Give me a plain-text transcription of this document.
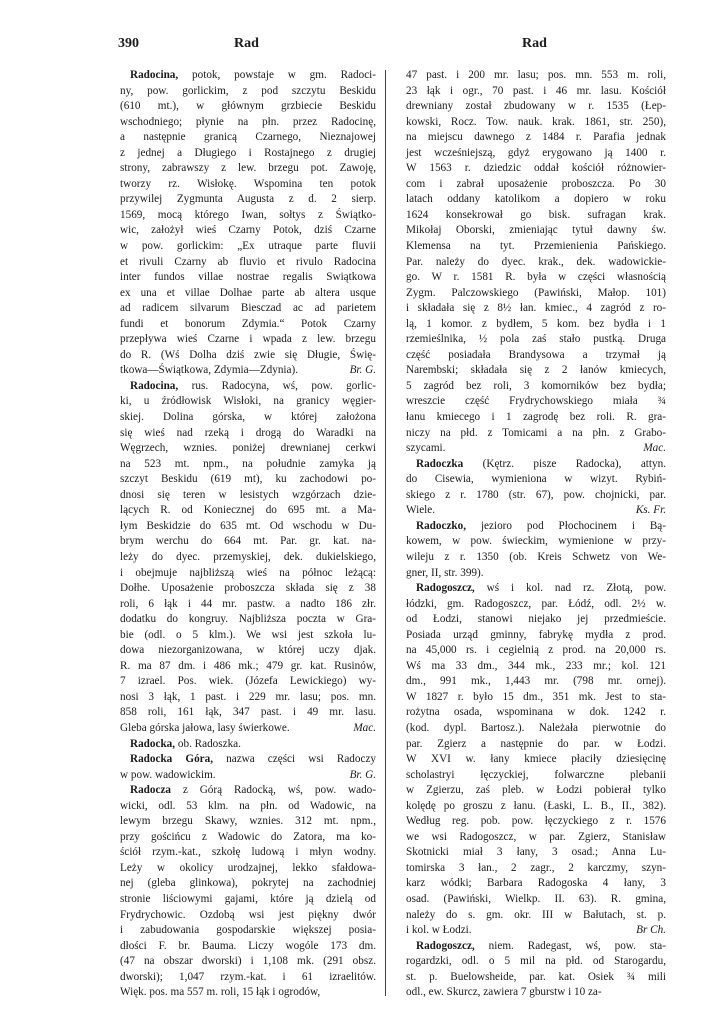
390	Rad	Rad
Radocina, potok, powstaje w gm. Radoci-
ny, pow. gorlickim, z pod szczytu Beskidu
(610 mt.), w głównym grzbiecie Beskidu
wschodniego; płynie na płn. przez Radocinę,
a następnie granicą Czarnego, Nieznajowej
z jednej a Długiego i Rostajnego z drugiej
strony, zabrawszy z lew. brzegu pot. Zawoję,
tworzy rz. Wisłokę. Wspomina ten potok
przywilej Zygmunta Augusta z d. 2 sierp.
1569, mocą którego Iwan, sołtys z Świątko-
wic, założył wieś Czarny Potok, dziś Czarne
w pow. gorlickim: „Ex utraque parte fluvii
et rivuli Czarny ab fluvio et rivulo Radocina
inter fundos villae nostrae regalis Swiątkowa
ex una et villae Dolhae parte ab altera usque
ad radicem silvarum Biesczad ac ad parietem
fundi et bonorum Zdymia.“ Potok Czarny
przepływa wieś Czarne i wpada z lew. brzegu
do R. (Wś Dolha dziś zwie się Długie, Świę-
tkowa—Świątkowa, Zdymia—Zdynia).	Br. G.
Radocina, rus. Radocyna, wś, pow. gorlic-
ki, u źródłowisk Wisłoki, na granicy węgier-
skiej. Dolina górska, w której założona
się wieś nad rzeką i drogą do Waradki na
Węgrzech, wznies. poniżej drewnianej cerkwi
na 523 mt. npm., na południe zamyka ją
szczyt Beskidu (619 mt), ku zachodowi po-
dnosi się teren w lesistych wzgórzach dzie-
lących R. od Koniecznej do 695 mt. a Ma-
łym Beskidzie do 635 mt. Od wschodu w Du-
brym werchu do 664 mt. Par. gr. kat. na-
leży do dyec. przemyskiej, dek. dukielskiego,
i obejmuje najbliższą wieś na północ leżącą:
Dołhe. Uposażenie proboszcza składa się z 38
roli, 6 łąk i 44 mr. pastw. a nadto 186 złr.
dodatku do kongruy. Najbliższa poczta w Gra-
bie (odl. o 5 klm.). We wsi jest szkoła lu-
dowa niezorganizowana, w której uczy djak.
R. ma 87 dm. i 486 mk.; 479 gr. kat. Rusinów,
7 izrael. Pos. wiek. (Józefa Lewickiego) wy-
nosi 3 łąk, 1 past. i 229 mr. lasu; pos. mn.
858 roli, 161 łąk, 347 past. i 49 mr. lasu.
Gleba górska jałowa, lasy świerkowe.	Mac.
Radocka, ob. Radoszka.
Radocka Góra, nazwa części wsi Radoczy
w pow. wadowickim.	Br. G.
Radocza z Górą Radocką, wś, pow. wado-
wicki, odl. 53 klm. na płn. od Wadowic, na
lewym brzegu Skawy, wznies. 312 mt. npm.,
przy gościńcu z Wadowic do Zatora, ma ko-
ściół rzym.-kat., szkołę ludową i młyn wodny.
Leży w okolicy urodzajnej, lekko sfałdowa-
nej (gleba glinkowa), pokrytej na zachodniej
stronie liściowymi gajami, które ją dzielą od
Frydrychowic. Ozdobą wsi jest piękny dwór
i zabudowania gospodarskie większej posia-
dłości F. br. Bauma. Liczy wogóle 173 dm.
(47 na obszar dworski) i 1,108 mk. (291 obsz.
dworski); 1,047 rzym.-kat. i 61 izraelitów.
Więk. pos. ma 557 m. roli, 15 łąk i ogrodów,
47 past. i 200 mr. lasu; pos. mn. 553 m. roli,
23 łąk i ogr., 70 past. i 46 mr. lasu. Kościół
drewniany został zbudowany w r. 1535 (Łep-
kowski, Rocz. Tow. nauk. krak. 1861, str. 250),
na miejscu dawnego z 1484 r. Parafia jednak
jest wcześniejszą, gdyż erygowano ją 1400 r.
W 1563 r. dziedzic oddał kościół różnowier-
com i zabrał uposażenie proboszcza. Po 30
latach oddany katolikom a dopiero w roku
1624 konsekrował go bisk. sufragan krak.
Mikołaj Oborski, zmieniając tytuł dawny św.
Klemensa na tyt. Przemienienia Pańskiego.
Par. należy do dyec. krak., dek. wadowickie-
go. W r. 1581 R. była w części własnością
Zygm. Palczowskiego (Pawiński, Małop. 101)
i składała się z 8½ łan. kmiec., 4 zagród z ro-
lą, 1 komor. z bydłem, 5 kom. bez bydła i 1
rzemieślnika, ½ pola zaś stało pustką. Druga
część posiadała Brandysowa a trzymał ją
Narembski; składała się z 2 łanów kmiecych,
5 zagród bez roli, 3 komorników bez bydła;
wreszcie część Frydrychowskiego miała ¾
łanu kmiecego i 1 zagrodę bez roli. R. gra-
niczy na płd. z Tomicami a na płn. z Grabo-
szycami.	Mac.
Radoczka (Kętrz. pisze Radocka), attyn.
do Cisewia, wymieniona w wizyt. Rybiń-
skiego z r. 1780 (str. 67), pow. chojnicki, par.
Wiele.	Ks. Fr.
Radoczko, jezioro pod Płochocinem i Bą-
kowem, w pow. świeckim, wymienione w przy-
wileju z r. 1350 (ob. Kreis Schwetz von We-
gner, II, str. 399).
Radogoszcz, wś i kol. nad rz. Złotą, pow.
łódzki, gm. Radogoszcz, par. Łódź, odl. 2½ w.
od Łodzi, stanowi niejako jej przedmieście.
Posiada urząd gminny, fabrykę mydła z prod.
na 45,000 rs. i cegielnią z prod. na 20,000 rs.
Wś ma 33 dm., 344 mk., 233 mr.; kol. 121
dm., 991 mk., 1,443 mr. (798 mr. ornej).
W 1827 r. było 15 dm., 351 mk. Jest to sta-
rożytna osada, wspominana w dok. 1242 r.
(kod. dypl. Bartosz.). Należała pierwotnie do
par. Zgierz a następnie do par. w Łodzi.
W XVI w. łany kmiece płaciły dziesięcinę
scholastryi łęczyckiej, folwarczne plebanii
w Zgierzu, zaś pleb. w Łodzi pobierał tylko
kolędę po groszu z łanu. (Łaski, L. B., II., 382).
Według reg. pob. pow. łęczyckiego z r. 1576
we wsi Radogoszcz, w par. Zgierz, Stanisław
Skotnicki miał 3 łany, 3 osad.; Anna Lu-
tomirska 3 łan., 2 zagr., 2 karczmy, szyn-
karz wódki; Barbara Radogoska 4 łany, 3
osad. (Pawiński, Wielkp. II. 63). R. gmina,
należy do s. gm. okr. III w Bałutach, st. p.
i kol. w Łodzi.	Br Ch.
Radogoszcz, niem. Radegast, wś, pow. sta-
rogardzki, odl. o 5 mil na płd. od Starogardu,
st. p. Buelowsheide, par. kat. Osiek ¾ mili
odl., ew. Skurcz, zawiera 7 gburstw i 10 za-
